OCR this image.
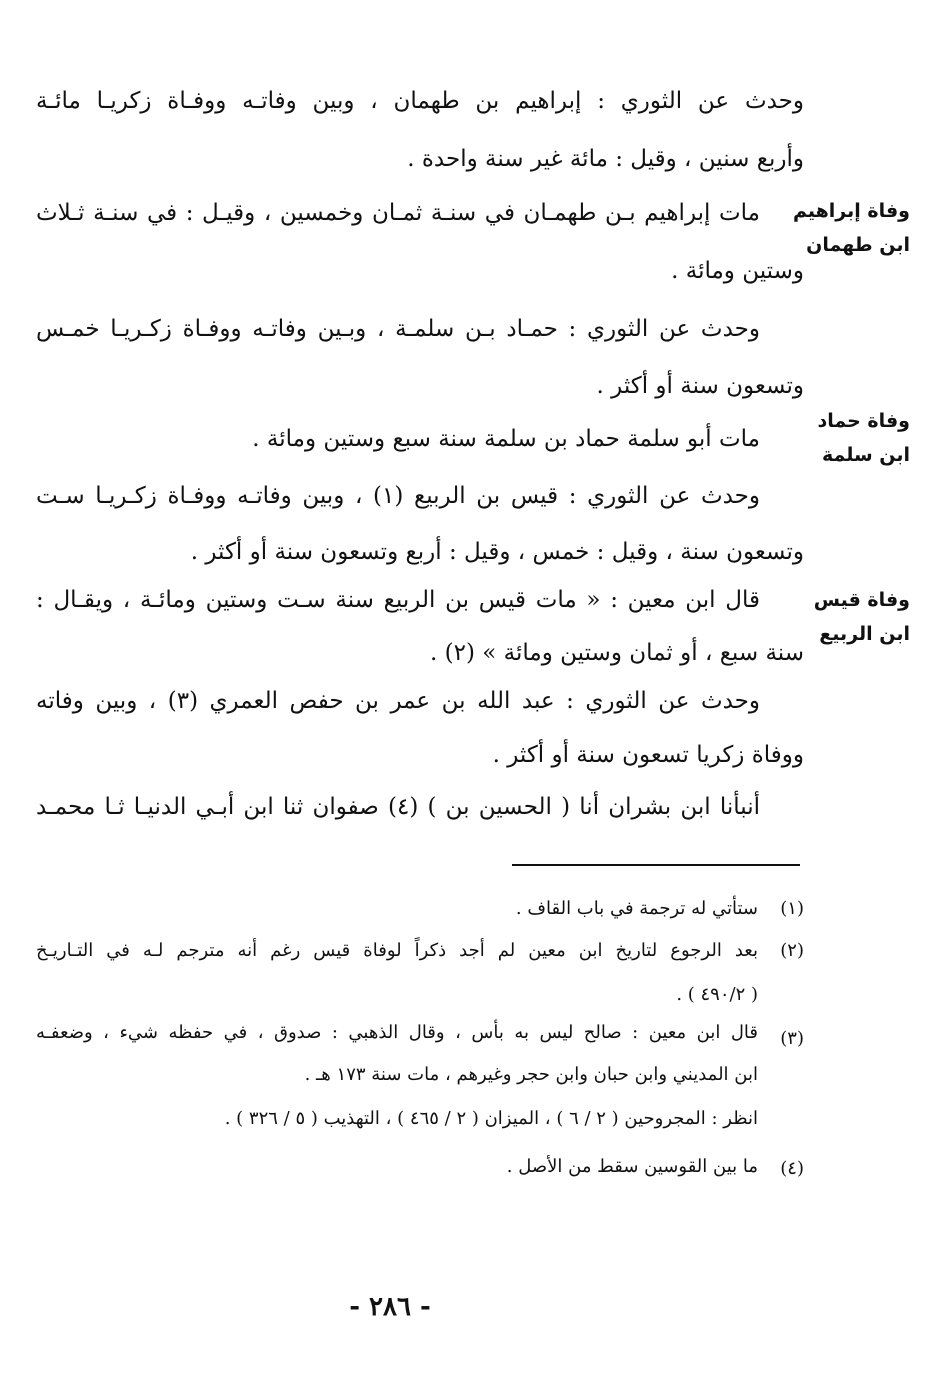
وحدث عن الثوري : إبراهيم بن طهمان ، وبين وفاتـه ووفـاة زكريـا مائـة
وأربع سنين ، وقيل : مائة غير سنة واحدة .
مات إبراهيم بـن طهمـان في سنـة ثمـان وخمسين ، وقيـل : في سنـة ثـلاث
وستين ومائة .
وحدث عن الثوري : حمـاد بـن سلمـة ، وبـين وفاتـه ووفـاة زكـريـا خمـس
وتسعون سنة أو أكثر .
مات أبو سلمة حماد بن سلمة سنة سبع وستين ومائة .
وحدث عن الثوري : قيس بن الربيع (١) ، وبين وفاتـه ووفـاة زكـريـا سـت
وتسعون سنة ، وقيل : خمس ، وقيل : أربع وتسعون سنة أو أكثر .
قال ابن معين : « مات قيس بن الربيع سنة سـت وستين ومائـة ، ويقـال :
سنة سبع ، أو ثمان وستين ومائة » (٢) .
وحدث عن الثوري : عبد الله بن عمر بن حفص العمري (٣) ، وبين وفاته
ووفاة زكريا تسعون سنة أو أكثر .
أنبأنا ابن بشران أنا ( الحسين بن ) (٤) صفوان ثنا ابن أبـي الدنيـا ثـا محمـد
وفاة إبراهيم
ابن طهمان
وفاة حماد
ابن سلمة
وفاة قيس
ابن الربيع
(١)
ستأتي له ترجمة في باب القاف .
(٢)
بعد الرجوع لتاريخ ابن معين لم أجد ذكراً لوفاة قيس رغم أنه مترجم لـه في التـاريـخ
( ٤٩٠/٢ ) .
(٣)
قال ابن معين : صالح ليس به بأس ، وقال الذهبي : صدوق ، في حفظه شيء ، وضعفـه
ابن المديني وابن حبان وابن حجر وغيرهم ، مات سنة ١٧٣ هـ .
انظر : المجروحين ( ٢ / ٦ ) ، الميزان ( ٢ / ٤٦٥ ) ، التهذيب ( ٥ / ٣٢٦ ) .
(٤)
ما بين القوسين سقط من الأصل .
- ٢٨٦ -
